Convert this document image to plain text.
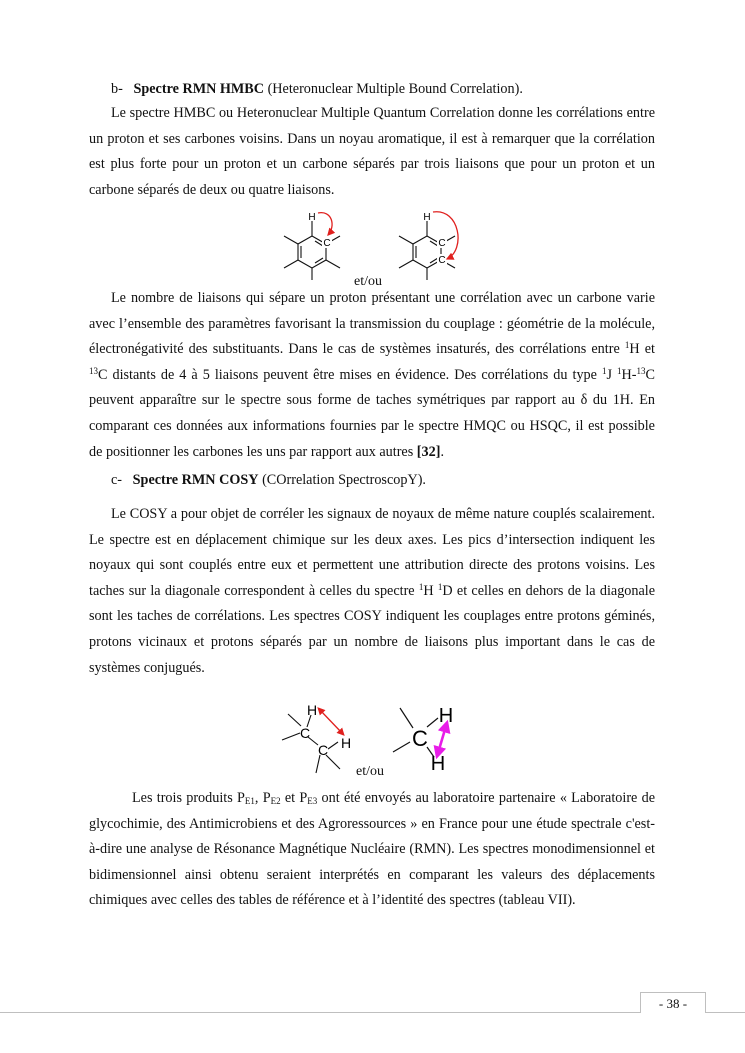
b- Spectre RMN HMBC (Heteronuclear Multiple Bound Correlation).
Le spectre HMBC ou Heteronuclear Multiple Quantum Correlation donne les corrélations entre un proton et ses carbones voisins. Dans un noyau aromatique, il est à remarquer que la corrélation est plus forte pour un proton et un carbone séparés par trois liaisons que pour un proton et un carbone séparés de deux ou quatre liaisons.
C
H
C
C
H
et/ou
Le nombre de liaisons qui sépare un proton présentant une corrélation avec un carbone varie avec l’ensemble des paramètres favorisant la transmission du couplage : géométrie de la molécule, électronégativité des substituants. Dans le cas de systèmes insaturés, des corrélations entre $^1$H et $^{13}$C distants de 4 à 5 liaisons peuvent être mises en évidence. Des corrélations du type $^1$J $^1$H-$^{13}$C peuvent apparaître sur le spectre sous forme de taches symétriques par rapport au δ du 1H. En comparant ces données aux informations fournies par le spectre HMQC ou HSQC, il est possible de positionner les carbones les uns par rapport aux autres [32].
c- Spectre RMN COSY (COrrelation SpectroscopY).
Le COSY a pour objet de corréler les signaux de noyaux de même nature couplés scalairement. Le spectre est en déplacement chimique sur les deux axes. Les pics d’intersection indiquent les noyaux qui sont couplés entre eux et permettent une attribution directe des protons voisins. Les taches sur la diagonale correspondent à celles du spectre $^1$H $^1$D et celles en dehors de la diagonale sont les taches de corrélations. Les spectres COSY indiquent les couplages entre protons géminés, protons vicinaux et protons séparés par un nombre de liaisons plus important dans le cas de systèmes conjugués.
C
C
H
H	C
H
H
et/ou
Les trois produits $P_{E1}$, $P_{E2}$ et $P_{E3}$ ont été envoyés au laboratoire partenaire « Laboratoire de glycochimie, des Antimicrobiens et des Agroressources » en France pour une étude spectrale c'est-à-dire une analyse de Résonance Magnétique Nucléaire (RMN). Les spectres monodimensionnel et bidimensionnel ainsi obtenu seraient interprétés en comparant les valeurs des déplacements chimiques avec celles des tables de référence et à l’identité des spectres (tableau VII).
- 38 -
